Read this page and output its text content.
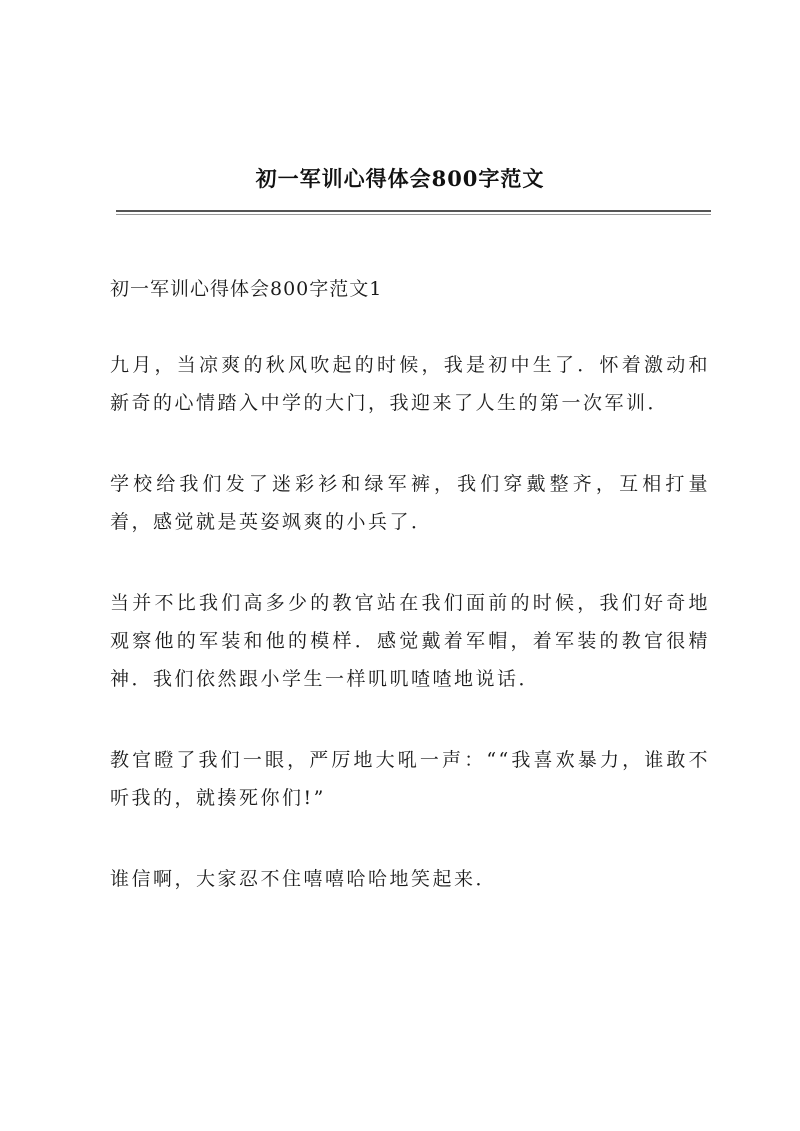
初一军训心得体会800字范文

初一军训心得体会800字范文1

九月，当凉爽的秋风吹起的时候，我是初中生了．怀着激动和新奇的心情踏入中学的大门，我迎来了人生的第一次军训．

学校给我们发了迷彩衫和绿军裤，我们穿戴整齐，互相打量着，感觉就是英姿飒爽的小兵了．

当并不比我们高多少的教官站在我们面前的时候，我们好奇地观察他的军装和他的模样．感觉戴着军帽，着军装的教官很精神．我们依然跟小学生一样叽叽喳喳地说话．

教官瞪了我们一眼，严厉地大吼一声：““我喜欢暴力，谁敢不听我的，就揍死你们!”

谁信啊，大家忍不住嘻嘻哈哈地笑起来．
